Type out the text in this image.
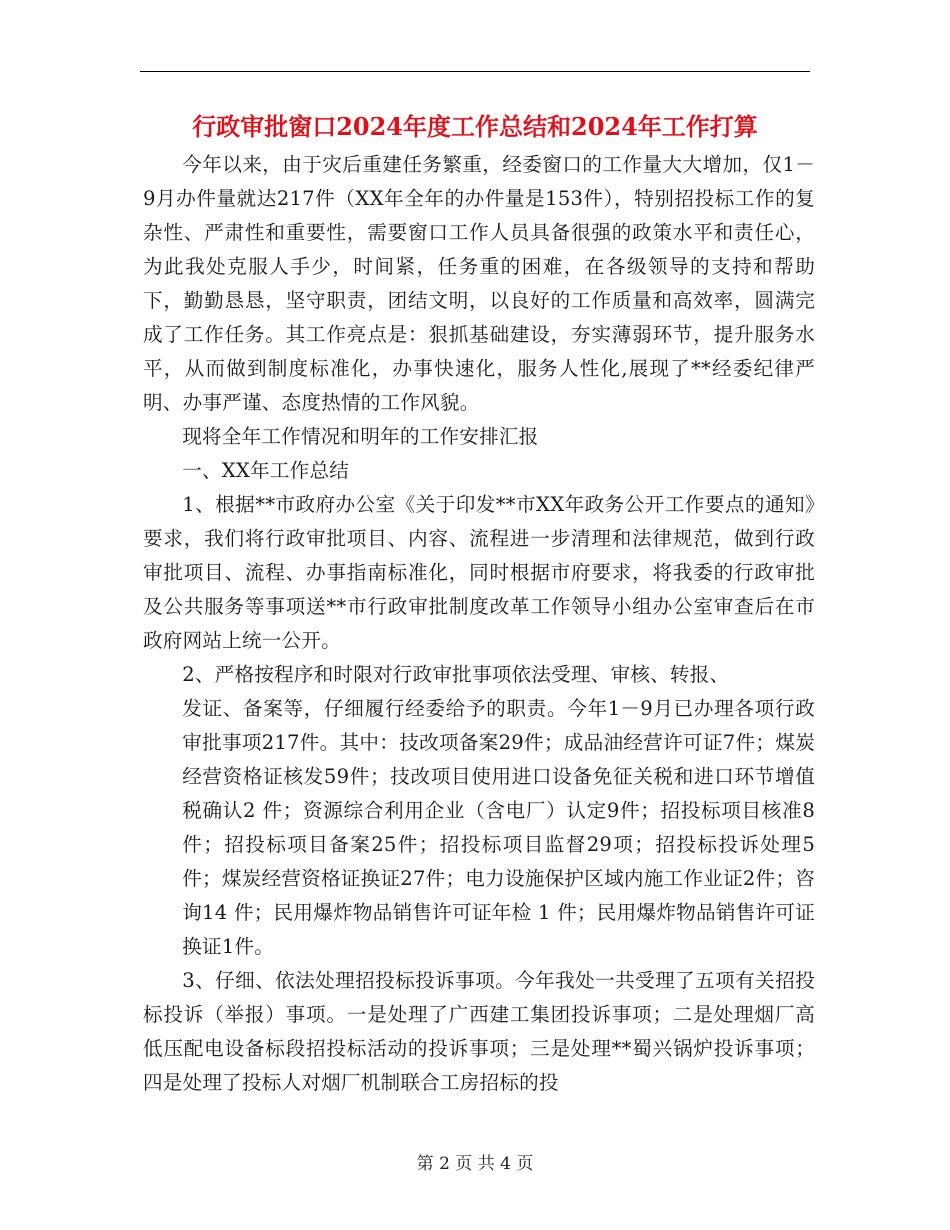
行政审批窗口2024年度工作总结和2024年工作打算

今年以来，由于灾后重建任务繁重，经委窗口的工作量大大增加，仅1－9月办件量就达217件（XX年全年的办件量是153件），特别招投标工作的复杂性、严肃性和重要性，需要窗口工作人员具备很强的政策水平和责任心，为此我处克服人手少，时间紧，任务重的困难，在各级领导的支持和帮助下，勤勤恳恳，坚守职责，团结文明，以良好的工作质量和高效率，圆满完成了工作任务。其工作亮点是：狠抓基础建设，夯实薄弱环节，提升服务水平，从而做到制度标准化，办事快速化，服务人性化,展现了**经委纪律严明、办事严谨、态度热情的工作风貌。

现将全年工作情况和明年的工作安排汇报

一、XX年工作总结

1、根据**市政府办公室《关于印发**市XX年政务公开工作要点的通知》要求，我们将行政审批项目、内容、流程进一步清理和法律规范，做到行政审批项目、流程、办事指南标准化，同时根据市府要求，将我委的行政审批及公共服务等事项送**市行政审批制度改革工作领导小组办公室审查后在市政府网站上统一公开。

2、严格按程序和时限对行政审批事项依法受理、审核、转报、

发证、备案等，仔细履行经委给予的职责。今年1－9月已办理各项行政审批事项217件。其中：技改项备案29件；成品油经营许可证7件；煤炭经营资格证核发59件；技改项目使用进口设备免征关税和进口环节增值税确认2 件；资源综合利用企业（含电厂）认定9件；招投标项目核准8件；招投标项目备案25件；招投标项目监督29项；招投标投诉处理5件；煤炭经营资格证换证27件；电力设施保护区域内施工作业证2件；咨询14 件；民用爆炸物品销售许可证年检 1 件；民用爆炸物品销售许可证换证1件。

3、仔细、依法处理招投标投诉事项。今年我处一共受理了五项有关招投标投诉（举报）事项。一是处理了广西建工集团投诉事项；二是处理烟厂高低压配电设备标段招投标活动的投诉事项；三是处理**蜀兴锅炉投诉事项；四是处理了投标人对烟厂机制联合工房招标的投

第 2 页 共 4 页
